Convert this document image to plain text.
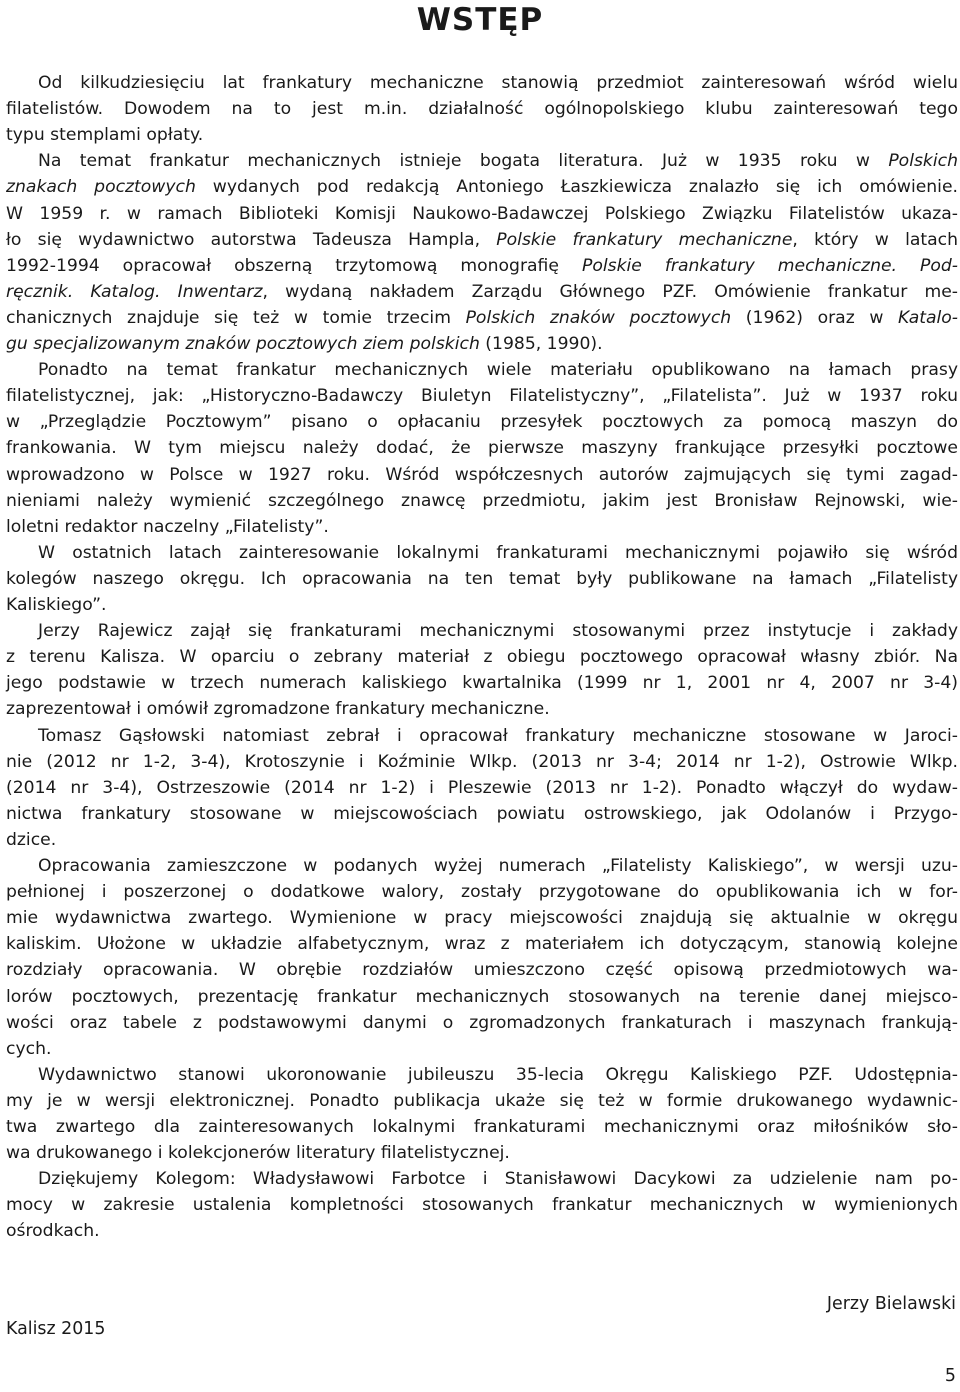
WSTĘP
Od kilkudziesięciu lat frankatury mechaniczne stanowią przedmiot zainteresowań wśród wielu
filatelistów. Dowodem na to jest m.in. działalność ogólnopolskiego klubu zainteresowań tego
typu stemplami opłaty.
Na temat frankatur mechanicznych istnieje bogata literatura. Już w 1935 roku w Polskich
znakach pocztowych wydanych pod redakcją Antoniego Łaszkiewicza znalazło się ich omówienie.
W 1959 r. w ramach Biblioteki Komisji Naukowo-Badawczej Polskiego Związku Filatelistów ukaza-
ło się wydawnictwo autorstwa Tadeusza Hampla, Polskie frankatury mechaniczne, który w latach
1992-1994 opracował obszerną trzytomową monografię Polskie frankatury mechaniczne. Pod-
ręcznik. Katalog. Inwentarz, wydaną nakładem Zarządu Głównego PZF. Omówienie frankatur me-
chanicznych znajduje się też w tomie trzecim Polskich znaków pocztowych (1962) oraz w Katalo-
gu specjalizowanym znaków pocztowych ziem polskich (1985, 1990).
Ponadto na temat frankatur mechanicznych wiele materiału opublikowano na łamach prasy
filatelistycznej, jak: „Historyczno-Badawczy Biuletyn Filatelistyczny”, „Filatelista”. Już w 1937 roku
w „Przeglądzie Pocztowym” pisano o opłacaniu przesyłek pocztowych za pomocą maszyn do
frankowania. W tym miejscu należy dodać, że pierwsze maszyny frankujące przesyłki pocztowe
wprowadzono w Polsce w 1927 roku. Wśród współczesnych autorów zajmujących się tymi zagad-
nieniami należy wymienić szczególnego znawcę przedmiotu, jakim jest Bronisław Rejnowski, wie-
loletni redaktor naczelny „Filatelisty”.
W ostatnich latach zainteresowanie lokalnymi frankaturami mechanicznymi pojawiło się wśród
kolegów naszego okręgu. Ich opracowania na ten temat były publikowane na łamach „Filatelisty
Kaliskiego”.
Jerzy Rajewicz zajął się frankaturami mechanicznymi stosowanymi przez instytucje i zakłady
z terenu Kalisza. W oparciu o zebrany materiał z obiegu pocztowego opracował własny zbiór. Na
jego podstawie w trzech numerach kaliskiego kwartalnika (1999 nr 1, 2001 nr 4, 2007 nr 3-4)
zaprezentował i omówił zgromadzone frankatury mechaniczne.
Tomasz Gąsłowski natomiast zebrał i opracował frankatury mechaniczne stosowane w Jaroci-
nie (2012 nr 1-2, 3-4), Krotoszynie i Koźminie Wlkp. (2013 nr 3-4; 2014 nr 1-2), Ostrowie Wlkp.
(2014 nr 3-4), Ostrzeszowie (2014 nr 1-2) i Pleszewie (2013 nr 1-2). Ponadto włączył do wydaw-
nictwa frankatury stosowane w miejscowościach powiatu ostrowskiego, jak Odolanów i Przygo-
dzice.
Opracowania zamieszczone w podanych wyżej numerach „Filatelisty Kaliskiego”, w wersji uzu-
pełnionej i poszerzonej o dodatkowe walory, zostały przygotowane do opublikowania ich w for-
mie wydawnictwa zwartego. Wymienione w pracy miejscowości znajdują się aktualnie w okręgu
kaliskim. Ułożone w układzie alfabetycznym, wraz z materiałem ich dotyczącym, stanowią kolejne
rozdziały opracowania. W obrębie rozdziałów umieszczono część opisową przedmiotowych wa-
lorów pocztowych, prezentację frankatur mechanicznych stosowanych na terenie danej miejsco-
wości oraz tabele z podstawowymi danymi o zgromadzonych frankaturach i maszynach frankują-
cych.
Wydawnictwo stanowi ukoronowanie jubileuszu 35-lecia Okręgu Kaliskiego PZF. Udostępnia-
my je w wersji elektronicznej. Ponadto publikacja ukaże się też w formie drukowanego wydawnic-
twa zwartego dla zainteresowanych lokalnymi frankaturami mechanicznymi oraz miłośników sło-
wa drukowanego i kolekcjonerów literatury filatelistycznej.
Dziękujemy Kolegom: Władysławowi Farbotce i Stanisławowi Dacykowi za udzielenie nam po-
mocy w zakresie ustalenia kompletności stosowanych frankatur mechanicznych w wymienionych
ośrodkach.
Jerzy Bielawski
Kalisz 2015
5
